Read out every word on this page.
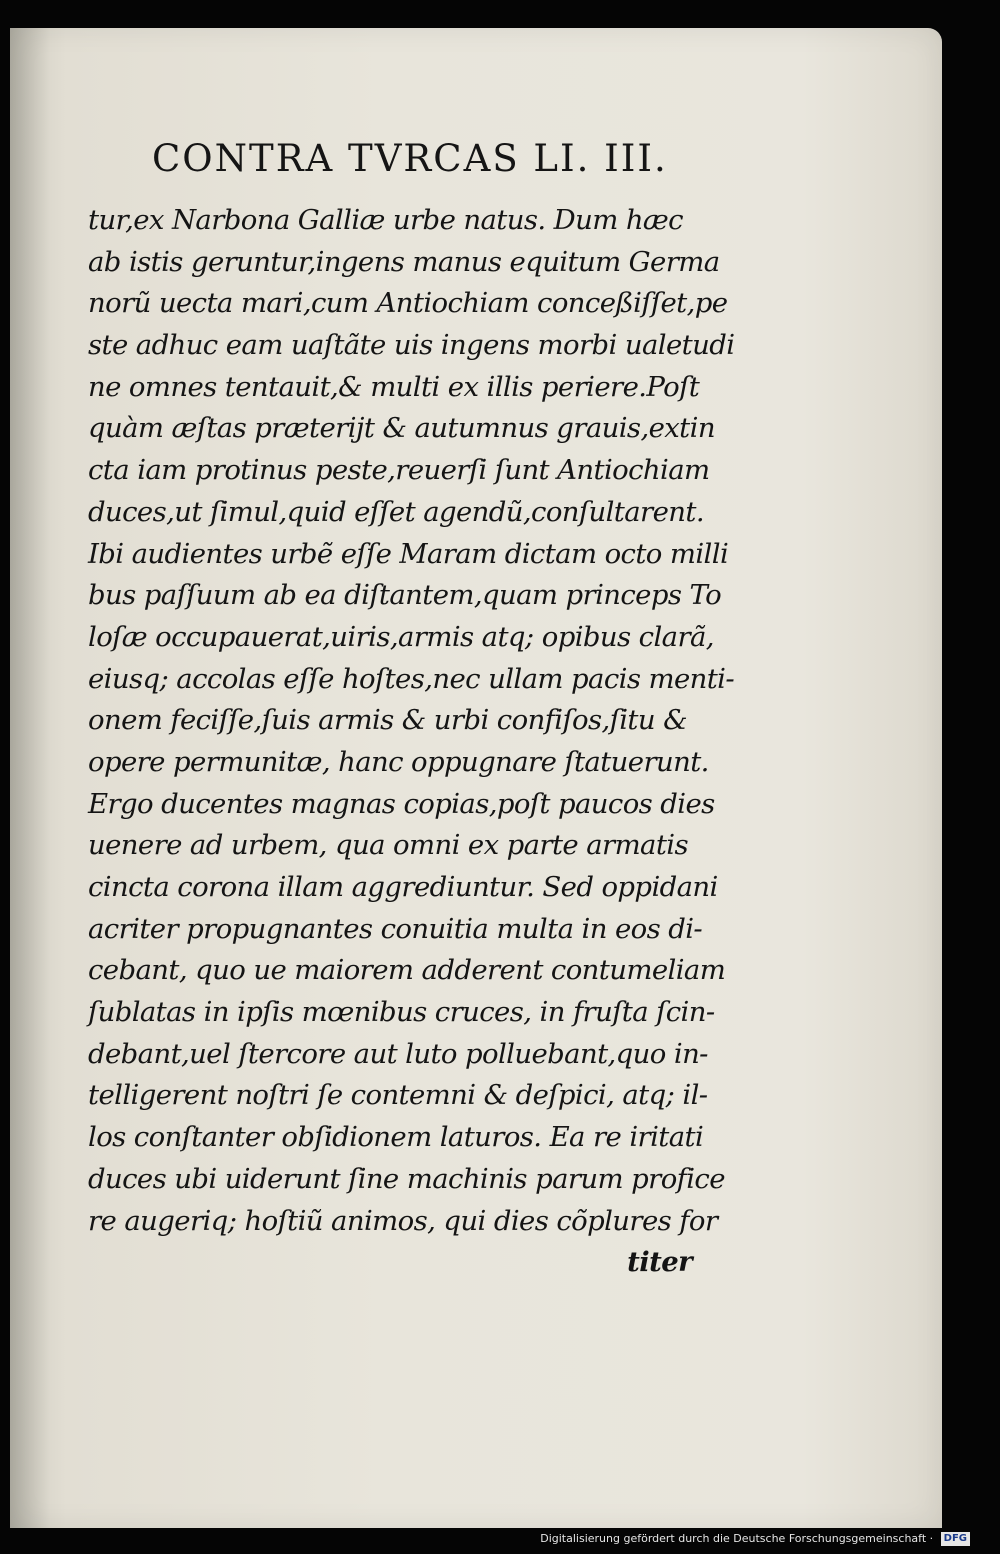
CONTRA TVRCAS LI. III.
tur,ex Narbona Galliæ urbe natus. Dum hæc
ab istis geruntur,ingens manus equitum Germa
norũ uecta mari,cum Antiochiam conceßiſſet,pe
ste adhuc eam uaſtãte uis ingens morbi ualetudi
ne omnes tentauit,& multi ex illis periere.Poſt
quàm æſtas præterijt & autumnus grauis,extin
cta iam protinus peste,reuerſi ſunt Antiochiam
duces,ut ſimul,quid eſſet agendũ,conſultarent.
Ibi audientes urbẽ eſſe Maram dictam octo milli
bus paſſuum ab ea diſtantem,quam princeps To
loſæ occupauerat,uiris,armis atq; opibus clarã,
eiusq; accolas eſſe hoſtes,nec ullam pacis menti-
onem feciſſe,ſuis armis & urbi confiſos,ſitu &
opere permunitæ, hanc oppugnare ſtatuerunt.
Ergo ducentes magnas copias,poſt paucos dies
uenere ad urbem, qua omni ex parte armatis
cincta corona illam aggrediuntur. Sed oppidani
acriter propugnantes conuitia multa in eos di-
cebant, quo ue maiorem adderent contumeliam
ſublatas in ipſis mœnibus cruces, in fruſta ſcin-
debant,uel ſtercore aut luto polluebant,quo in-
telligerent noſtri ſe contemni & deſpici, atq; il-
los conſtanter obſidionem laturos. Ea re iritati
duces ubi uiderunt ſine machinis parum profice
re augeriq; hoſtiũ animos, qui dies cõplures for
titer
Digitalisierung gefördert durch die Deutsche Forschungsgemeinschaft · DFG
